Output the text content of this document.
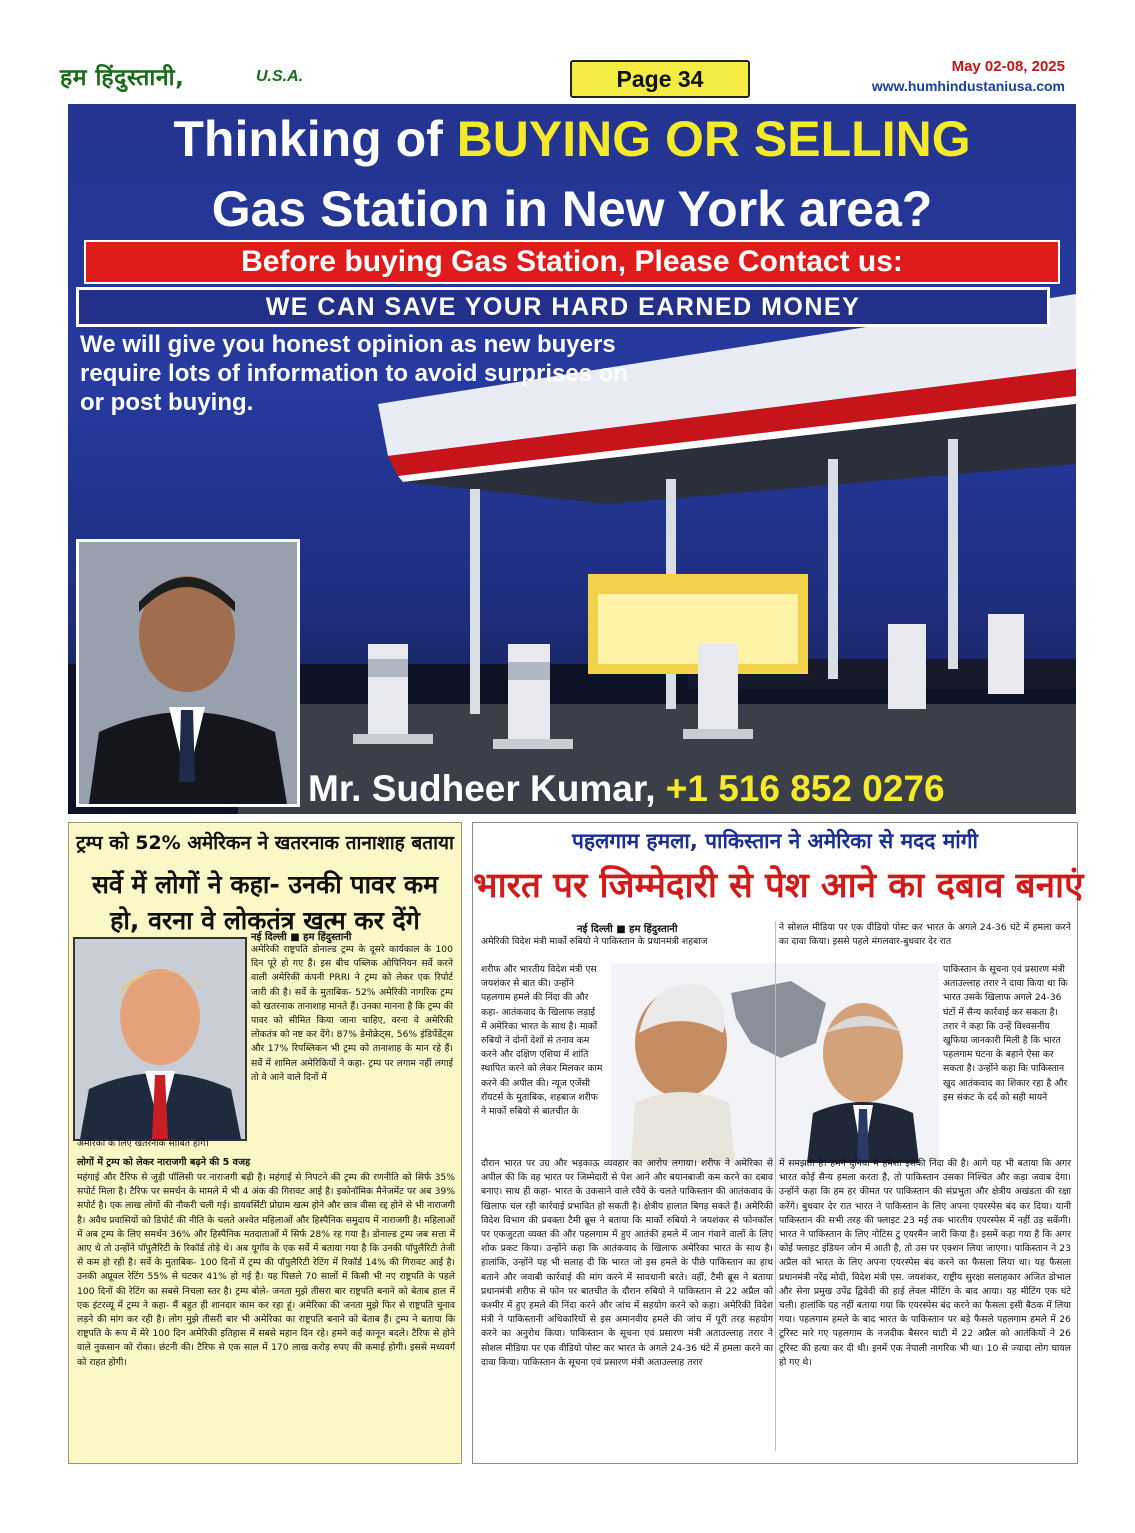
हम हिंदुस्तानी,	U.S.A.	Page 34	May 02-08, 2025
www.humhindustaniusa.com
Thinking of BUYING OR SELLING
Gas Station in New York area?
Before buying Gas Station, Please Contact us:
WE CAN SAVE YOUR HARD EARNED MONEY
We will give you honest opinion as new buyers require lots of information to avoid surprises on or post buying.
Mr. Sudheer Kumar, +1 516 852 0276
ट्रम्प को 52% अमेरिकन ने खतरनाक तानाशाह बताया
सर्वे में लोगों ने कहा- उनकी पावर कम हो, वरना वे लोकतंत्र खत्म कर देंगे
नई दिल्ली ■ हम हिंदुस्तानी

अमेरिकी राष्ट्रपति डोनाल्ड ट्रम्प के दूसरे कार्यकाल के 100 दिन पूरे हो गए हैं। इस बीच पब्लिक ओपिनियन सर्वे करने वाली अमेरिकी कंपनी PRRI ने ट्रम्प को लेकर एक रिपोर्ट जारी की है। सर्वे के मुताबिक- 52% अमेरिकी नागरिक ट्रम्प को खतरनाक तानाशाह मानते हैं। उनका मानना है कि ट्रम्प की पावर को सीमित किया जाना चाहिए, वरना वे अमेरिकी लोकतंत्र को नष्ट कर देंगे। 87% डेमोक्रेट्स, 56% इंडिपेंडेंट्स और 17% रिपब्लिकन भी ट्रम्प को तानाशाह के मान रहे हैं। सर्वे में शामिल अमेरिकियों ने कहा- ट्रम्प पर लगाम नहीं लगाई तो वे आने वाले दिनों में

अमेरिका के लिए खतरनाक साबित होंगे।

लोगों में ट्रम्प को लेकर नाराजगी बढ़ने की 5 वजह

महंगाई और टैरिफ से जुड़ी पॉलिसी पर नाराजगी बढ़ी है। महंगाई से निपटने की ट्रम्प की रणनीति को सिर्फ 35% सपोर्ट मिला है। टैरिफ पर समर्थन के मामले में भी 4 अंक की गिरावट आई है। इकोनॉमिक मैनेजमेंट पर अब 39% सपोर्ट है। एक लाख लोगों की नौकरी चली गई। डायवर्सिटी प्रोग्राम खत्म होने और छात्र वीसा रद्द होने से भी नाराजगी है। अवैध प्रवासियों को डिपोर्ट की नीति के चलते अश्वेत महिलाओं और हिस्पैनिक समुदाय में नाराजगी है। महिलाओं में अब ट्रम्प के लिए समर्थन 36% और हिस्पैनिक मतदाताओं में सिर्फ 28% रह गया है। डोनाल्ड ट्रम्प जब सत्ता में आए थे तो उन्होंने पॉपुलैरिटी के रिकॉर्ड तोड़े थे। अब यूगॉव के एक सर्वे में बताया गया है कि उनकी पॉपुलैरिटी तेजी से कम हो रही है। सर्वे के मुताबिक- 100 दिनों में ट्रम्प की पॉपुलैरिटी रेटिंग में रिकॉर्ड 14% की गिरावट आई है। उनकी अप्रूवल रेटिंग 55% से घटकर 41% हो गई है। यह पिछले 70 सालों में किसी भी नए राष्ट्रपति के पहले 100 दिनों की रेटिंग का सबसे निचला स्तर है। ट्रम्प बोले- जनता मुझे तीसरा बार राष्ट्रपति बनाने को बेताब हाल में एक इंटरव्यू में ट्रम्प ने कहा- मैं बहुत ही शानदार काम कर रहा हूं। अमेरिका की जनता मुझे फिर से राष्ट्रपति चुनाव लड़ने की मांग कर रही है। लोग मुझे तीसरी बार भी अमेरिका का राष्ट्रपति बनाने को बेताब हैं। ट्रम्प ने बताया कि राष्ट्रपति के रूप में मेरे 100 दिन अमेरिकी इतिहास में सबसे महान दिन रहे। हमने कई कानून बदले। टैरिफ से होने वाले नुकसान को रोका। छंटनी की। टैरिफ से एक साल में 170 लाख करोड़ रुपए की कमाई होगी। इससे मध्यवर्ग को राहत होगी।

पहलगाम हमला, पाकिस्तान ने अमेरिका से मदद मांगी
भारत पर जिम्मेदारी से पेश आने का दबाव बनाएं
नई दिल्ली ■ हम हिंदुस्तानी

अमेरिकी विदेश मंत्री मार्को रुबियो ने पाकिस्तान के प्रधानमंत्री शहबाज

शरीफ और भारतीय विदेश मंत्री एस जयशंकर से बात की। उन्होंने पहलगाम हमले की निंदा की और कहा- आतंकवाद के खिलाफ लड़ाई में अमेरिका भारत के साथ है। मार्को रुबियो ने दोनों देशों से तनाव कम करने और दक्षिण एशिया में शांति स्थापित करने को लेकर मिलकर काम करने की अपील की। न्यूज एजेंसी रॉयटर्स के मुताबिक, शहबाज शरीफ ने मार्को रुबियो से बातचीत के

दौरान भारत पर उग्र और भड़काऊ व्यवहार का आरोप लगाया। शरीफ ने अमेरिका से अपील की कि वह भारत पर जिम्मेदारी से पेश आने और बयानबाजी कम करने का दबाव बनाए। साथ ही कहा- भारत के उकसाने वाले रवैये के चलते पाकिस्तान की आतंकवाद के खिलाफ चल रही कार्रवाई प्रभावित हो सकती है। क्षेत्रीय हालात बिगड़ सकते हैं। अमेरिकी विदेश विभाग की प्रवक्ता टैमी ब्रूस ने बताया कि मार्को रुबियो ने जयशंकर से फोनकॉल पर एकजुटता व्यक्त की और पहलगाम में हुए आतंकी हमले में जान गंवाने वालों के लिए शोक प्रकट किया। उन्होंने कहा कि आतंकवाद के खिलाफ अमेरिका भारत के साथ है। हालांकि, उन्होंने यह भी सलाह दी कि भारत जो इस हमले के पीछे पाकिस्तान का हाथ बताने और जवाबी कार्रवाई की मांग करने में सावधानी बरते। वहीं, टैमी ब्रूस ने बताया प्रधानमंत्री शरीफ से फोन पर बातचीत के दौरान रुबियो ने पाकिस्तान से 22 अप्रैल को कश्मीर में हुए हमले की निंदा करने और जांच में सहयोग करने को कहा। अमेरिकी विदेश मंत्री ने पाकिस्तानी अधिकारियों से इस अमानवीय हमले की जांच में पूरी तरह सहयोग करने का अनुरोध किया। पाकिस्तान के सूचना एवं प्रसारण मंत्री अताउल्लाह तरार ने सोशल मीडिया पर एक वीडियो पोस्ट कर भारत के अगले 24-36 घंटे में हमला करने का दावा किया। पाकिस्तान के सूचना एवं प्रसारण मंत्री अताउल्लाह तरार

ने सोशल मीडिया पर एक वीडियो पोस्ट कर भारत के अगले 24-36 घंटे में हमला करने का दावा किया। इससे पहले मंगलवार-बुधवार देर रात

पाकिस्तान के सूचना एवं प्रसारण मंत्री अताउल्लाह तरार ने दावा किया था कि भारत उसके खिलाफ अगले 24-36 घंटों में सैन्य कार्रवाई कर सकता है। तरार ने कहा कि उन्हें विश्वसनीय खुफिया जानकारी मिली है कि भारत पहलगाम घटना के बहाने ऐसा कर सकता है। उन्होंने कहा कि पाकिस्तान खुद आतंकवाद का शिकार रहा है और इस संकट के दर्द को सही मायने

में समझता है। हमने दुनिया में हमेशा इसकी निंदा की है। आगे यह भी बताया कि अगर भारत कोई सैन्य हमला करता है, तो पाकिस्तान उसका निश्चित और कड़ा जवाब देगा। उन्होंने कहा कि हम हर कीमत पर पाकिस्तान की संप्रभुता और क्षेत्रीय अखंडता की रक्षा करेंगे। बुधवार देर रात भारत ने पाकिस्तान के लिए अपना एयरस्पेस बंद कर दिया। यानी पाकिस्तान की सभी तरह की फ्लाइट 23 मई तक भारतीय एयरस्पेस में नहीं उड़ सकेंगी। भारत ने पाकिस्तान के लिए नोटिस टु एयरमैन जारी किया है। इसमें कहा गया है कि अगर कोई फ्लाइट इंडियन जोन में आती है, तो उस पर एक्शन लिया जाएगा। पाकिस्तान ने 23 अप्रैल को भारत के लिए अपना एयरस्पेस बंद करने का फैसला लिया था। यह फैसला प्रधानमंत्री नरेंद्र मोदी, विदेश मंत्री एस. जयशंकर, राष्ट्रीय सुरक्षा सलाहकार अजित डोभाल और सेना प्रमुख उपेंद्र द्विवेदी की हाई लेवल मीटिंग के बाद आया। यह मीटिंग एक घंटे चली। हालांकि यह नहीं बताया गया कि एयरस्पेस बंद करने का फैसला इसी बैठक में लिया गया। पहलगाम हमले के बाद भारत के पाकिस्तान पर बड़े फैसले पहलगाम हमले में 26 टूरिस्ट मारे गए पहलगाम के नजदीक बैसरन घाटी में 22 अप्रैल को आतंकियों ने 26 टूरिस्ट की हत्या कर दी थी। इनमें एक नेपाली नागरिक भी था। 10 से ज्यादा लोग घायल हो गए थे।
